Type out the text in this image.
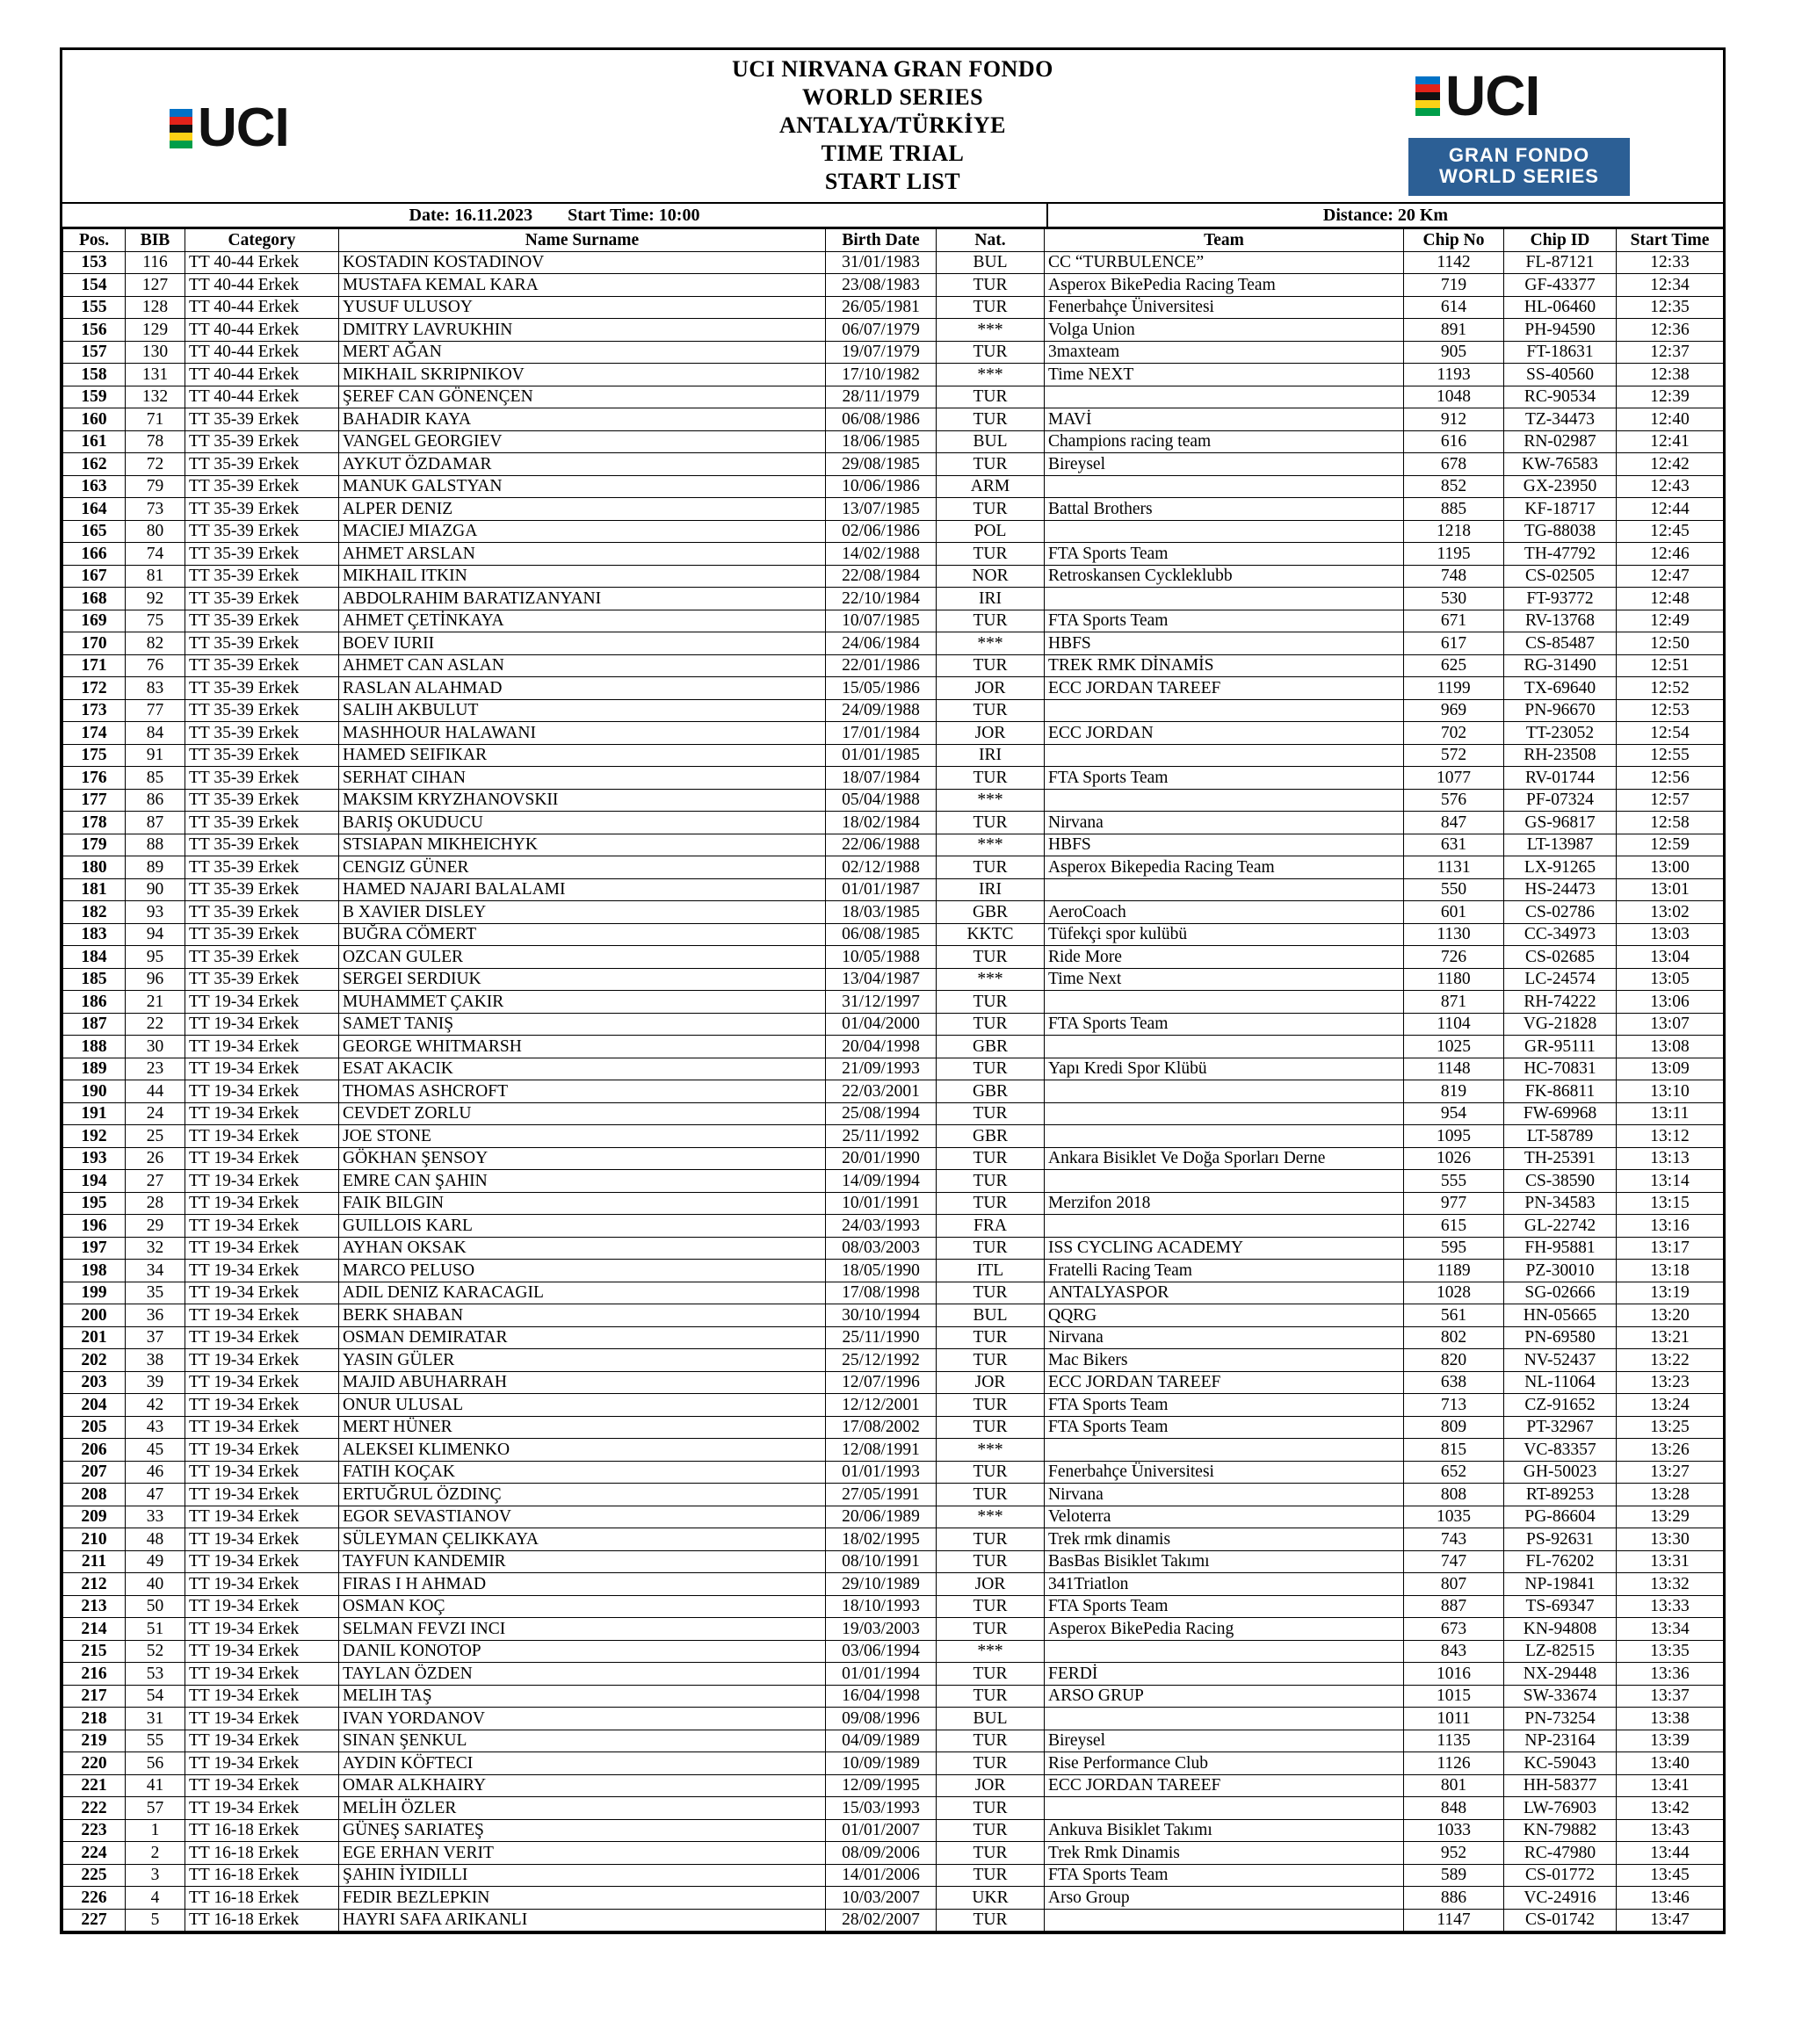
UCI
UCI NIRVANA GRAN FONDO
WORLD SERIES
ANTALYA/TÜRKİYE
TIME TRIAL
START LIST
UCI
GRAN FONDO
WORLD SERIES
Date: 16.11.2023 Start Time: 10:00	Distance: 20 Km
Pos.	BIB	Category	Name Surname	Birth Date	Nat.	Team	Chip No	Chip ID	Start Time
153	116	TT 40-44 Erkek	KOSTADIN KOSTADINOV	31/01/1983	BUL	CC “TURBULENCE”	1142	FL-87121	12:33
154	127	TT 40-44 Erkek	MUSTAFA KEMAL KARA	23/08/1983	TUR	Asperox BikePedia Racing Team	719	GF-43377	12:34
155	128	TT 40-44 Erkek	YUSUF ULUSOY	26/05/1981	TUR	Fenerbahçe Üniversitesi	614	HL-06460	12:35
156	129	TT 40-44 Erkek	DMITRY LAVRUKHIN	06/07/1979	***	Volga Union	891	PH-94590	12:36
157	130	TT 40-44 Erkek	MERT AĞAN	19/07/1979	TUR	3maxteam	905	FT-18631	12:37
158	131	TT 40-44 Erkek	MIKHAIL SKRIPNIKOV	17/10/1982	***	Time NEXT	1193	SS-40560	12:38
159	132	TT 40-44 Erkek	ŞEREF CAN GÖNENÇEN	28/11/1979	TUR		1048	RC-90534	12:39
160	71	TT 35-39 Erkek	BAHADIR KAYA	06/08/1986	TUR	MAVİ	912	TZ-34473	12:40
161	78	TT 35-39 Erkek	VANGEL GEORGIEV	18/06/1985	BUL	Champions racing team	616	RN-02987	12:41
162	72	TT 35-39 Erkek	AYKUT ÖZDAMAR	29/08/1985	TUR	Bireysel	678	KW-76583	12:42
163	79	TT 35-39 Erkek	MANUK GALSTYAN	10/06/1986	ARM		852	GX-23950	12:43
164	73	TT 35-39 Erkek	ALPER DENIZ	13/07/1985	TUR	Battal Brothers	885	KF-18717	12:44
165	80	TT 35-39 Erkek	MACIEJ MIAZGA	02/06/1986	POL		1218	TG-88038	12:45
166	74	TT 35-39 Erkek	AHMET ARSLAN	14/02/1988	TUR	FTA Sports Team	1195	TH-47792	12:46
167	81	TT 35-39 Erkek	MIKHAIL ITKIN	22/08/1984	NOR	Retroskansen Cyckleklubb	748	CS-02505	12:47
168	92	TT 35-39 Erkek	ABDOLRAHIM BARATIZANYANI	22/10/1984	IRI		530	FT-93772	12:48
169	75	TT 35-39 Erkek	AHMET ÇETİNKAYA	10/07/1985	TUR	FTA Sports Team	671	RV-13768	12:49
170	82	TT 35-39 Erkek	BOEV IURII	24/06/1984	***	HBFS	617	CS-85487	12:50
171	76	TT 35-39 Erkek	AHMET CAN ASLAN	22/01/1986	TUR	TREK RMK DİNAMİS	625	RG-31490	12:51
172	83	TT 35-39 Erkek	RASLAN ALAHMAD	15/05/1986	JOR	ECC JORDAN TAREEF	1199	TX-69640	12:52
173	77	TT 35-39 Erkek	SALIH AKBULUT	24/09/1988	TUR		969	PN-96670	12:53
174	84	TT 35-39 Erkek	MASHHOUR HALAWANI	17/01/1984	JOR	ECC JORDAN	702	TT-23052	12:54
175	91	TT 35-39 Erkek	HAMED SEIFIKAR	01/01/1985	IRI		572	RH-23508	12:55
176	85	TT 35-39 Erkek	SERHAT CIHAN	18/07/1984	TUR	FTA Sports Team	1077	RV-01744	12:56
177	86	TT 35-39 Erkek	MAKSIM KRYZHANOVSKII	05/04/1988	***		576	PF-07324	12:57
178	87	TT 35-39 Erkek	BARIŞ OKUDUCU	18/02/1984	TUR	Nirvana	847	GS-96817	12:58
179	88	TT 35-39 Erkek	STSIAPAN MIKHEICHYK	22/06/1988	***	HBFS	631	LT-13987	12:59
180	89	TT 35-39 Erkek	CENGIZ GÜNER	02/12/1988	TUR	Asperox Bikepedia Racing Team	1131	LX-91265	13:00
181	90	TT 35-39 Erkek	HAMED NAJARI BALALAMI	01/01/1987	IRI		550	HS-24473	13:01
182	93	TT 35-39 Erkek	B XAVIER DISLEY	18/03/1985	GBR	AeroCoach	601	CS-02786	13:02
183	94	TT 35-39 Erkek	BUĞRA CÖMERT	06/08/1985	KKTC	Tüfekçi spor kulübü	1130	CC-34973	13:03
184	95	TT 35-39 Erkek	OZCAN GULER	10/05/1988	TUR	Ride More	726	CS-02685	13:04
185	96	TT 35-39 Erkek	SERGEI SERDIUK	13/04/1987	***	Time Next	1180	LC-24574	13:05
186	21	TT 19-34 Erkek	MUHAMMET ÇAKIR	31/12/1997	TUR		871	RH-74222	13:06
187	22	TT 19-34 Erkek	SAMET TANIŞ	01/04/2000	TUR	FTA Sports Team	1104	VG-21828	13:07
188	30	TT 19-34 Erkek	GEORGE WHITMARSH	20/04/1998	GBR		1025	GR-95111	13:08
189	23	TT 19-34 Erkek	ESAT AKACIK	21/09/1993	TUR	Yapı Kredi Spor Klübü	1148	HC-70831	13:09
190	44	TT 19-34 Erkek	THOMAS ASHCROFT	22/03/2001	GBR		819	FK-86811	13:10
191	24	TT 19-34 Erkek	CEVDET ZORLU	25/08/1994	TUR		954	FW-69968	13:11
192	25	TT 19-34 Erkek	JOE STONE	25/11/1992	GBR		1095	LT-58789	13:12
193	26	TT 19-34 Erkek	GÖKHAN ŞENSOY	20/01/1990	TUR	Ankara Bisiklet Ve Doğa Sporları Derne	1026	TH-25391	13:13
194	27	TT 19-34 Erkek	EMRE CAN ŞAHIN	14/09/1994	TUR		555	CS-38590	13:14
195	28	TT 19-34 Erkek	FAIK BILGIN	10/01/1991	TUR	Merzifon 2018	977	PN-34583	13:15
196	29	TT 19-34 Erkek	GUILLOIS KARL	24/03/1993	FRA		615	GL-22742	13:16
197	32	TT 19-34 Erkek	AYHAN OKSAK	08/03/2003	TUR	ISS CYCLING ACADEMY	595	FH-95881	13:17
198	34	TT 19-34 Erkek	MARCO PELUSO	18/05/1990	ITL	Fratelli Racing Team	1189	PZ-30010	13:18
199	35	TT 19-34 Erkek	ADIL DENIZ KARACAGIL	17/08/1998	TUR	ANTALYASPOR	1028	SG-02666	13:19
200	36	TT 19-34 Erkek	BERK SHABAN	30/10/1994	BUL	QQRG	561	HN-05665	13:20
201	37	TT 19-34 Erkek	OSMAN DEMIRATAR	25/11/1990	TUR	Nirvana	802	PN-69580	13:21
202	38	TT 19-34 Erkek	YASIN GÜLER	25/12/1992	TUR	Mac Bikers	820	NV-52437	13:22
203	39	TT 19-34 Erkek	MAJID ABUHARRAH	12/07/1996	JOR	ECC JORDAN TAREEF	638	NL-11064	13:23
204	42	TT 19-34 Erkek	ONUR ULUSAL	12/12/2001	TUR	FTA Sports Team	713	CZ-91652	13:24
205	43	TT 19-34 Erkek	MERT HÜNER	17/08/2002	TUR	FTA Sports Team	809	PT-32967	13:25
206	45	TT 19-34 Erkek	ALEKSEI KLIMENKO	12/08/1991	***		815	VC-83357	13:26
207	46	TT 19-34 Erkek	FATIH KOÇAK	01/01/1993	TUR	Fenerbahçe Üniversitesi	652	GH-50023	13:27
208	47	TT 19-34 Erkek	ERTUĞRUL ÖZDINÇ	27/05/1991	TUR	Nirvana	808	RT-89253	13:28
209	33	TT 19-34 Erkek	EGOR SEVASTIANOV	20/06/1989	***	Veloterra	1035	PG-86604	13:29
210	48	TT 19-34 Erkek	SÜLEYMAN ÇELIKKAYA	18/02/1995	TUR	Trek rmk dinamis	743	PS-92631	13:30
211	49	TT 19-34 Erkek	TAYFUN KANDEMIR	08/10/1991	TUR	BasBas Bisiklet Takımı	747	FL-76202	13:31
212	40	TT 19-34 Erkek	FIRAS I H AHMAD	29/10/1989	JOR	341Triatlon	807	NP-19841	13:32
213	50	TT 19-34 Erkek	OSMAN KOÇ	18/10/1993	TUR	FTA Sports Team	887	TS-69347	13:33
214	51	TT 19-34 Erkek	SELMAN FEVZI INCI	19/03/2003	TUR	Asperox BikePedia Racing	673	KN-94808	13:34
215	52	TT 19-34 Erkek	DANIL KONOTOP	03/06/1994	***		843	LZ-82515	13:35
216	53	TT 19-34 Erkek	TAYLAN ÖZDEN	01/01/1994	TUR	FERDİ	1016	NX-29448	13:36
217	54	TT 19-34 Erkek	MELIH TAŞ	16/04/1998	TUR	ARSO GRUP	1015	SW-33674	13:37
218	31	TT 19-34 Erkek	IVAN YORDANOV	09/08/1996	BUL		1011	PN-73254	13:38
219	55	TT 19-34 Erkek	SINAN ŞENKUL	04/09/1989	TUR	Bireysel	1135	NP-23164	13:39
220	56	TT 19-34 Erkek	AYDIN KÖFTECI	10/09/1989	TUR	Rise Performance Club	1126	KC-59043	13:40
221	41	TT 19-34 Erkek	OMAR ALKHAIRY	12/09/1995	JOR	ECC JORDAN TAREEF	801	HH-58377	13:41
222	57	TT 19-34 Erkek	MELİH ÖZLER	15/03/1993	TUR		848	LW-76903	13:42
223	1	TT 16-18 Erkek	GÜNEŞ SARIATEŞ	01/01/2007	TUR	Ankuva Bisiklet Takımı	1033	KN-79882	13:43
224	2	TT 16-18 Erkek	EGE ERHAN VERIT	08/09/2006	TUR	Trek Rmk Dinamis	952	RC-47980	13:44
225	3	TT 16-18 Erkek	ŞAHIN İYIDILLI	14/01/2006	TUR	FTA Sports Team	589	CS-01772	13:45
226	4	TT 16-18 Erkek	FEDIR BEZLEPKIN	10/03/2007	UKR	Arso Group	886	VC-24916	13:46
227	5	TT 16-18 Erkek	HAYRI SAFA ARIKANLI	28/02/2007	TUR		1147	CS-01742	13:47
